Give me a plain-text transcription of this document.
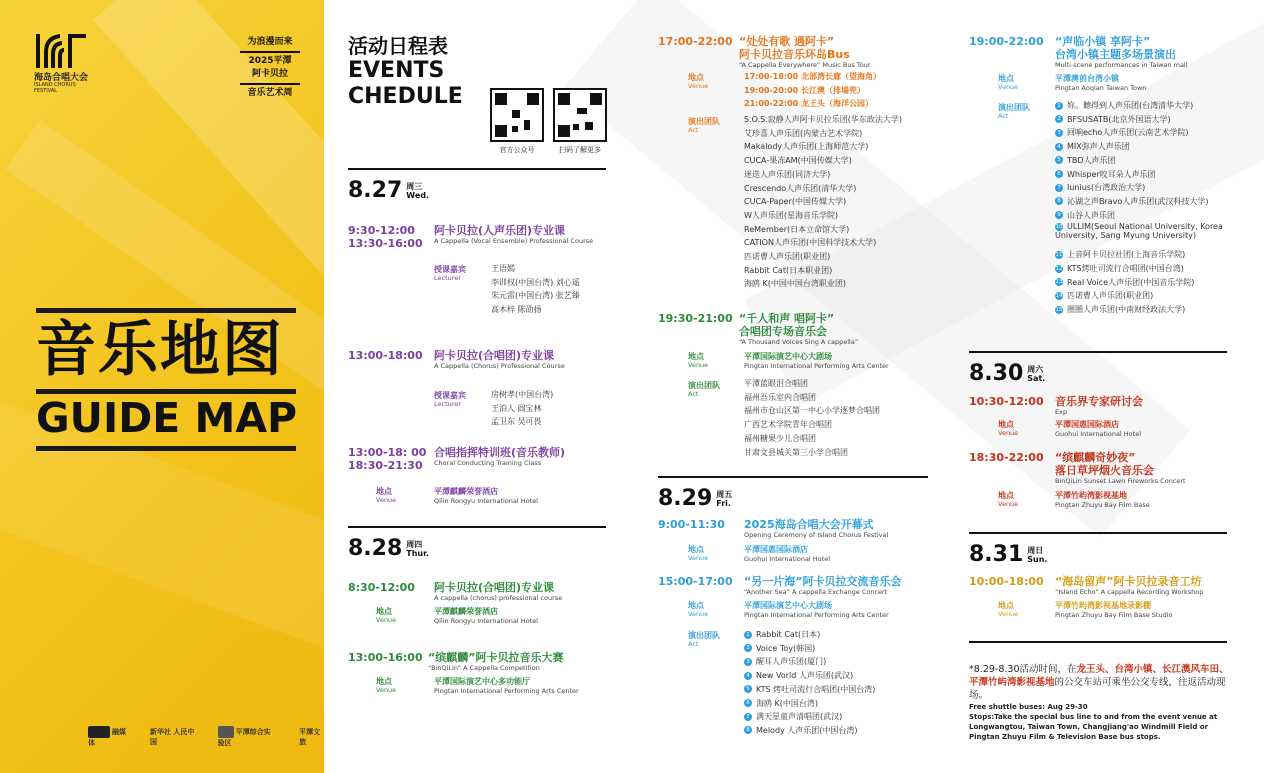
海岛合唱大会
ISLAND CHORUS FESTIVAL
为浪漫而来
2025平潭
阿卡贝拉
音乐艺术周
音乐地图
GUIDE MAP
融媒体
新华社 人民中国
平潭综合实验区
平潭文旅
活动日程表
EVENTS
CHEDULE
官方公众号	扫码了解更多
8.27 周三
Wed.
9:30-12:00
13:30-16:00
阿卡贝拉(人声乐团)专业课
A Cappella (Vocal Ensemble) Professional Course
授课嘉宾
Lecturer
王语嫣
李训权(中国台湾) 刘心遥
朱元雷(中国台湾) 张艺臻
高木梓 陈劭扬
13:00-18:00 阿卡贝拉(合唱团)专业课
A Cappella (Chorus) Professional Course
授课嘉宾
Lecturer
房树孝(中国台湾)
王泊人 阎宝林
孟卫东 吴可畏
13:00-18: 00
18:30-21:30
合唱指挥特训班(音乐教师)
Choral Conducting Training Class
地点
Venue
平潭麒麟荣誉酒店
Qilin Rongyu International Hotel
8.28 周四
Thur.
8:30-12:00 阿卡贝拉(合唱团)专业课
A cappella (chorus) professional course
地点
Venue
平潭麒麟荣誉酒店
Qilin Rongyu International Hotel
13:00-16:00 “缤麒麟”阿卡贝拉音乐大赛
“BinQiLin” A Cappella Competition
地点
Venue
平潭国际演艺中心多功能厅
Pingtan International Performing Arts Center
17:00-22:00 “处处有歌 遇阿卡”
阿卡贝拉音乐环岛Bus
“A Cappella Everywhere” Music Bus Tour
地点
Venue
17:00-18:00 北部湾长廊（望海角）
19:00-20:00 长江澳（排墙兜）
21:00-22:00 龙王头（海洋公园）
演出团队
Act
S.O.S.寂静人声阿卡贝拉乐团(华东政法大学)
艾珍喜人声乐团(内蒙古艺术学院)
Makalody人声乐团(上海师范大学)
CUCA-果冻AM(中国传媒大学)
迷迭人声乐团(同济大学)
Crescendo人声乐团(清华大学)
CUCA-Paper(中国传媒大学)
W人声乐团(星海音乐学院)
ReMember(日本立命馆大学)
CATION人声乐团(中国科学技术大学)
匹诺曹人声乐团(职业团)
Rabbit Cat(日本职业团)
海鸥 K(中国中国台湾职业团)
19:30-21:00 “千人和声 唱阿卡”
合唱团专场音乐会
“A Thousand Voices Sing A cappella”
地点
Venue
平潭国际演艺中心大剧场
Pingtan International Performing Arts Center
演出团队
Act
平潭蓝眼泪合唱团
福州吾乐室内合唱团
福州市仓山区第一中心小学逐梦合唱团
广西艺术学院青年合唱团
福州糖果少儿合唱团
甘肃文县城关第三小学合唱团
8.29 周五
Fri.
9:00-11:30 2025海岛合唱大会开幕式
Opening Ceremony of Island Chorus Festival
地点
Venue
平潭国惠国际酒店
Guohui International Hotel
15:00-17:00 “另一片海”阿卡贝拉交流音乐会
“Another Sea” A cappella Exchange Concert
地点
Venue
平潭国际演艺中心大剧场
Pingtan International Performing Arts Center
演出团队
Act
1 Rabbit Cat(日本)
2 Voice Toy(韩国)
3 醒耳人声乐团(厦门)
4 New Vorld 人声乐团(武汉)
5 KTS 烤吐司流行合唱团(中国台湾)
6 海鸥 K(中国台湾)
7 满天星童声清唱团(武汉)
8 Melody 人声乐团(中国台湾)
19:00-22:00 “声临小镇 享阿卡”
台湾小镇主题多场景演出
Multi-scene performances in Taiwan mall
地点
Venue
平潭澳前台湾小镇
Pingtan Aoqian Taiwan Town
演出团队
Act
1 妳。聽得到人声乐团(台湾清华大学)
2 BFSUSATB(北京外国语大学)
3 回响echo人声乐团(云南艺术学院)
4 MIX弥声人声乐团
5 TBD人声乐团
6 Whisper咬耳朵人声乐团
7 Iunius(台湾政治大学)
8 沁湖之声Bravo人声乐团(武汉科技大学)
9 山谷人声乐团
10 ULLIM(Seoul National University, Korea University, Sang Myung University)
11 上音阿卡贝拉社团(上海音乐学院)
12 KTS烤吐司流行合唱团(中国台湾)
13 Real Voice人声乐团(中国音乐学院)
14 匹诺曹人声乐团(职业团)
15 圈圈人声乐团(中南财经政法大学)
8.30 周六
Sat.
10:30-12:00 音乐界专家研讨会
Exp
地点
Venue
平潭国惠国际酒店
Guohui International Hotel
18:30-22:00 “缤麒麟奇妙夜”
落日草坪烟火音乐会
BinQiLin Sunset Lawn Fireworks Concert
地点
Venue
平潭竹屿湾影视基地
Pingtan Zhuyu Bay Film Base
8.31 周日
Sun.
10:00-18:00 “海岛留声”阿卡贝拉录音工坊
“Island Echo” A cappella Recording Workshop
地点
Venue
平潭竹屿湾影视基地录影棚
Pingtan Zhuyu Bay Film Base Studio
*8.29-8.30活动时间，在龙王头、台湾小镇、长江澳风车田、平潭竹屿湾影视基地的公交车站可乘坐公交专线，往返活动现场。
Free shuttle buses: Aug 29-30
Stops:Take the special bus line to and from the event venue at Longwangtou, Taiwan Town, Changjiang'ao Windmill Field or Pingtan Zhuyu Film & Television Base bus stops.
